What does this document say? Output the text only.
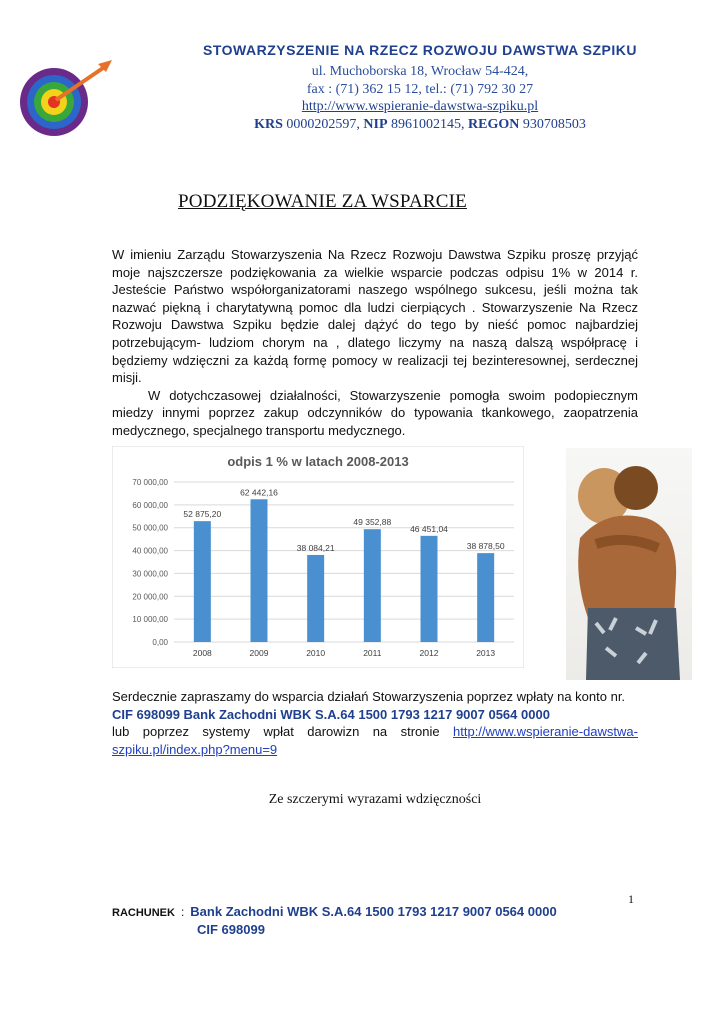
STOWARZYSZENIE NA RZECZ ROZWOJU DAWSTWA SZPIKU
ul. Muchoborska 18, Wrocław 54-424,
fax : (71) 362 15 12, tel.: (71) 792 30 27
http://www.wspieranie-dawstwa-szpiku.pl
KRS 0000202597, NIP 8961002145, REGON 930708503
PODZIĘKOWANIE ZA WSPARCIE

W imieniu Zarządu Stowarzyszenia Na Rzecz Rozwoju Dawstwa Szpiku proszę przyjąć moje najszczersze podziękowania za wielkie wsparcie podczas odpisu 1% w 2014 r. Jesteście Państwo współorganizatorami naszego wspólnego sukcesu, jeśli można tak nazwać piękną i charytatywną pomoc dla ludzi cierpiących . Stowarzyszenie Na Rzecz Rozwoju Dawstwa Szpiku będzie dalej dążyć do tego by nieść pomoc najbardziej potrzebującym- ludziom chorym na , dlatego liczymy na naszą dalszą współpracę i będziemy wdzięczni za każdą formę pomocy w realizacji tej bezinteresownej, serdecznej misji.

W dotychczasowej działalności, Stowarzyszenie pomogła swoim podopiecznym miedzy innymi poprzez zakup odczynników do typowania tkankowego, zaopatrzenia medycznego, specjalnego transportu medycznego.

odpis 1 % w latach 2008-2013
0,00
10 000,00
20 000,00
30 000,00
40 000,00
50 000,00
60 000,00
70 000,00
52 875,20
2008
62 442,16
2009
38 084,21
2010
49 352,88
2011
46 451,04
2012
38 878,50
2013
Serdecznie zapraszamy do wsparcia działań Stowarzyszenia poprzez wpłaty na konto nr.
CIF 698099 Bank Zachodni WBK S.A.64 1500 1793 1217 9007 0564 0000
lub poprzez systemy wpłat darowizn na stronie http://www.wspieranie-dawstwa-szpiku.pl/index.php?menu=9
Ze szczerymi wyrazami wdzięczności
1
RACHUNEK : Bank Zachodni WBK S.A.64 1500 1793 1217 9007 0564 0000
CIF 698099
